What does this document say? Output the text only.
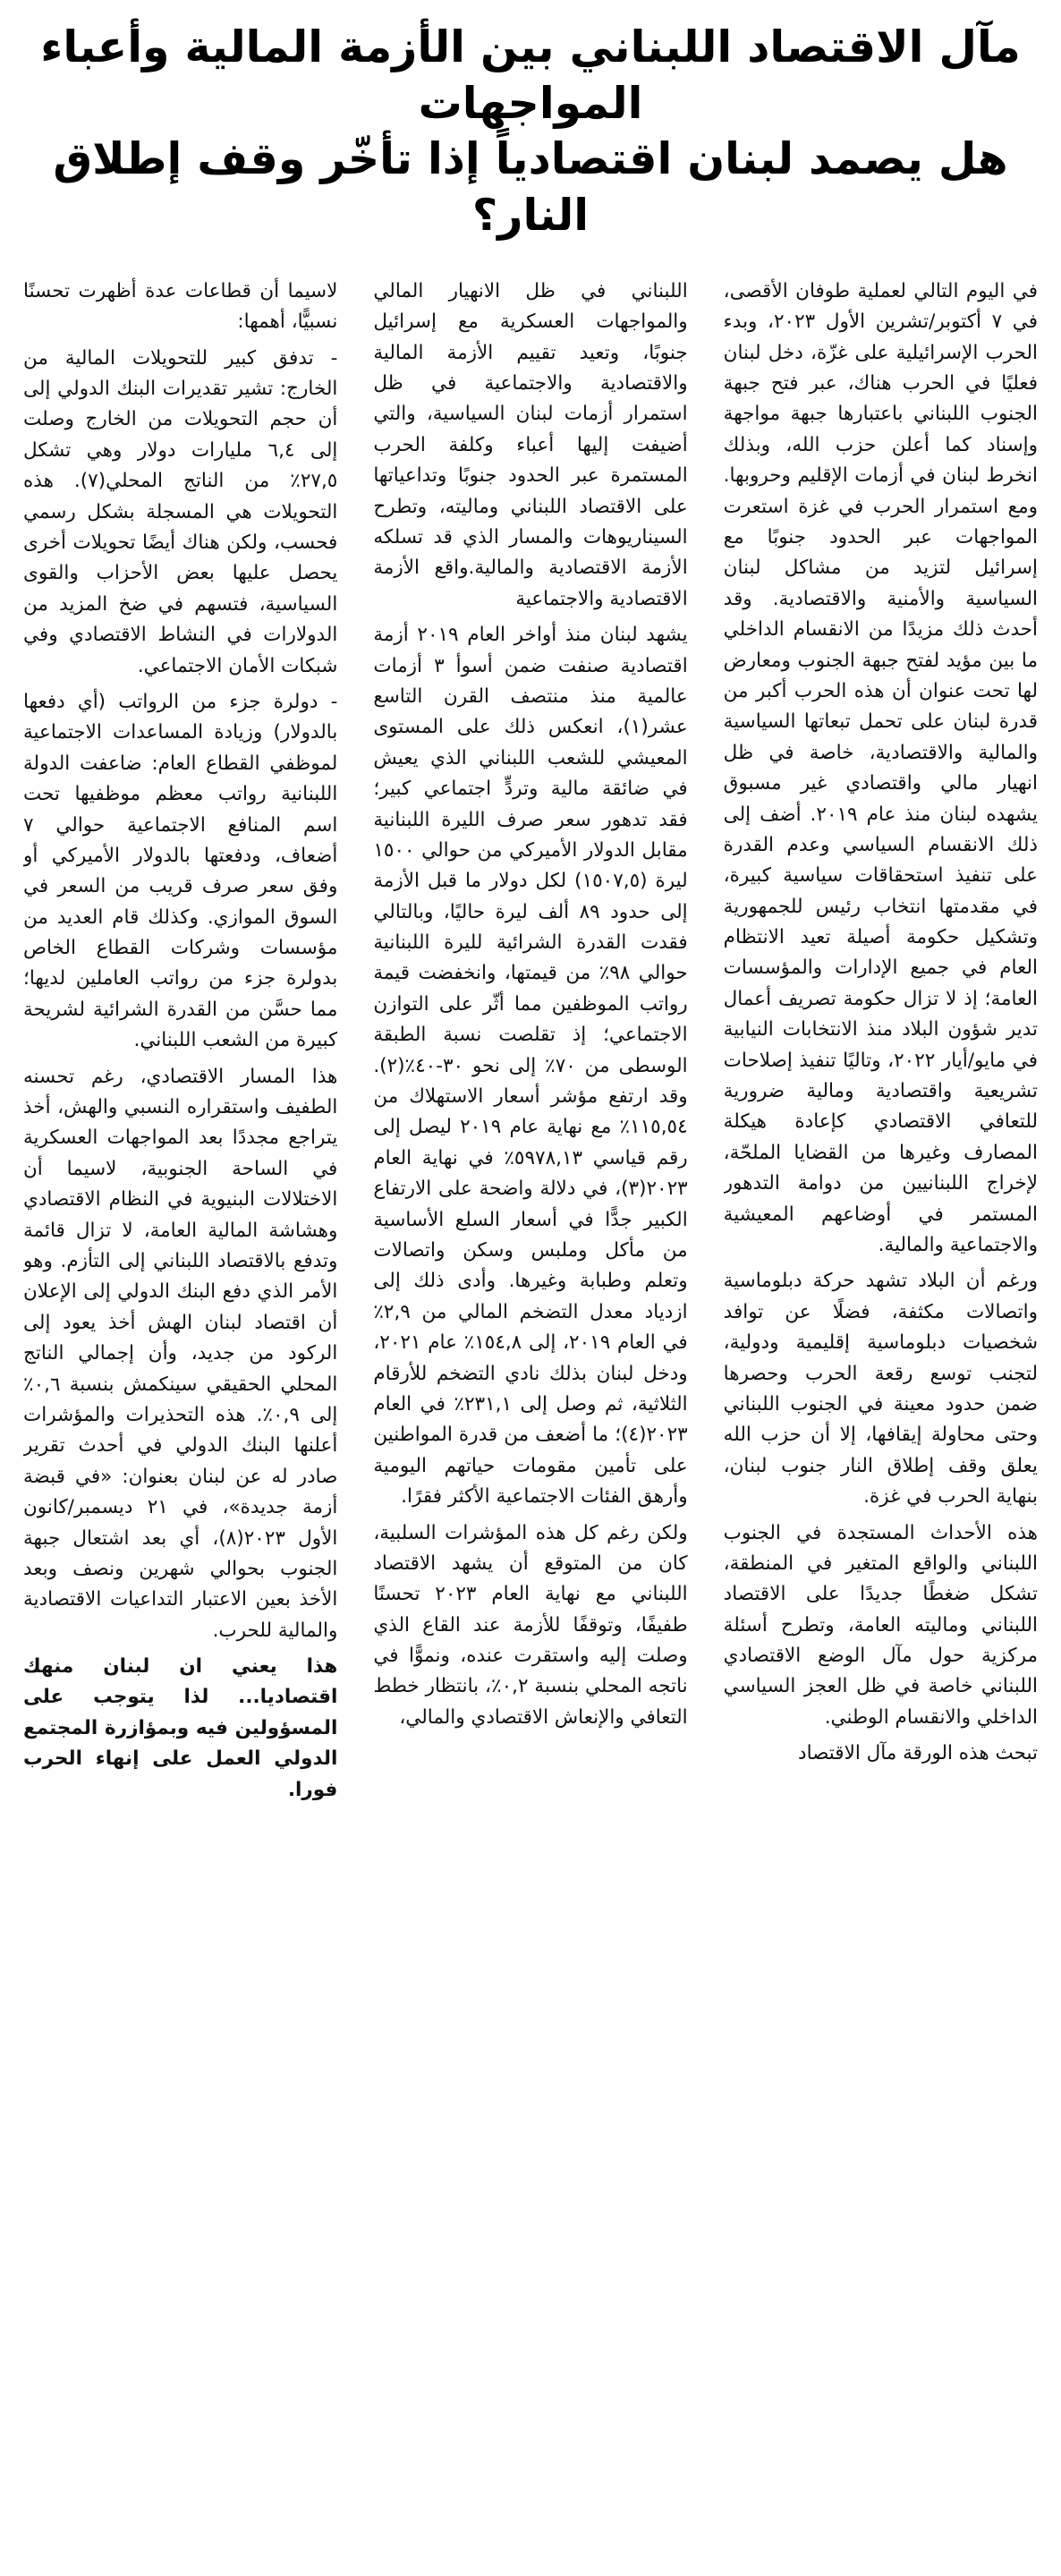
مآل الاقتصاد اللبناني بين الأزمة المالية وأعباء المواجهات
هل يصمد لبنان اقتصادياً إذا تأخّر وقف إطلاق النار؟

في اليوم التالي لعملية طوفان الأقصى، في ٧ أكتوبر/تشرين الأول ٢٠٢٣، وبدء الحرب الإسرائيلية على غزّة، دخل لبنان فعليًا في الحرب هناك، عبر فتح جبهة الجنوب اللبناني باعتبارها جبهة مواجهة وإسناد كما أعلن حزب الله، وبذلك انخرط لبنان في أزمات الإقليم وحروبها. ومع استمرار الحرب في غزة استعرت المواجهات عبر الحدود جنوبًا مع إسرائيل لتزيد من مشاكل لبنان السياسية والأمنية والاقتصادية. وقد أحدث ذلك مزيدًا من الانقسام الداخلي ما بين مؤيد لفتح جبهة الجنوب ومعارض لها تحت عنوان أن هذه الحرب أكبر من قدرة لبنان على تحمل تبعاتها السياسية والمالية والاقتصادية، خاصة في ظل انهيار مالي واقتصادي غير مسبوق يشهده لبنان منذ عام ٢٠١٩. أضف إلى ذلك الانقسام السياسي وعدم القدرة على تنفيذ استحقاقات سياسية كبيرة، في مقدمتها انتخاب رئيس للجمهورية وتشكيل حكومة أصيلة تعيد الانتظام العام في جميع الإدارات والمؤسسات العامة؛ إذ لا تزال حكومة تصريف أعمال تدير شؤون البلاد منذ الانتخابات النيابية في مايو/أيار ٢٠٢٢، وتاليًا تنفيذ إصلاحات تشريعية واقتصادية ومالية ضرورية للتعافي الاقتصادي كإعادة هيكلة المصارف وغيرها من القضايا الملحّة، لإخراج اللبنانيين من دوامة التدهور المستمر في أوضاعهم المعيشية والاجتماعية والمالية.

ورغم أن البلاد تشهد حركة دبلوماسية واتصالات مكثفة، فضلًا عن توافد شخصيات دبلوماسية إقليمية ودولية، لتجنب توسع رقعة الحرب وحصرها ضمن حدود معينة في الجنوب اللبناني وحتى محاولة إيقافها، إلا أن حزب الله يعلق وقف إطلاق النار جنوب لبنان، بنهاية الحرب في غزة.

هذه الأحداث المستجدة في الجنوب اللبناني والواقع المتغير في المنطقة، تشكل ضغطًا جديدًا على الاقتصاد اللبناني وماليته العامة، وتطرح أسئلة مركزية حول مآل الوضع الاقتصادي اللبناني خاصة في ظل العجز السياسي الداخلي والانقسام الوطني.

تبحث هذه الورقة مآل الاقتصاد

اللبناني في ظل الانهيار المالي والمواجهات العسكرية مع إسرائيل جنوبًا، وتعيد تقييم الأزمة المالية والاقتصادية والاجتماعية في ظل استمرار أزمات لبنان السياسية، والتي أضيفت إليها أعباء وكلفة الحرب المستمرة عبر الحدود جنوبًا وتداعياتها على الاقتصاد اللبناني وماليته، وتطرح السيناريوهات والمسار الذي قد تسلكه الأزمة الاقتصادية والمالية.واقع الأزمة الاقتصادية والاجتماعية

يشهد لبنان منذ أواخر العام ٢٠١٩ أزمة اقتصادية صنفت ضمن أسوأ ٣ أزمات عالمية منذ منتصف القرن التاسع عشر(١)، انعكس ذلك على المستوى المعيشي للشعب اللبناني الذي يعيش في ضائقة مالية وتردٍّ اجتماعي كبير؛ فقد تدهور سعر صرف الليرة اللبنانية مقابل الدولار الأميركي من حوالي ١٥٠٠ ليرة (١٥٠٧,٥) لكل دولار ما قبل الأزمة إلى حدود ٨٩ ألف ليرة حاليًا، وبالتالي فقدت القدرة الشرائية لليرة اللبنانية حوالي ٩٨٪ من قيمتها، وانخفضت قيمة رواتب الموظفين مما أثّر على التوازن الاجتماعي؛ إذ تقلصت نسبة الطبقة الوسطى من ٧٠٪ إلى نحو ٣٠-٤٠٪(٢). وقد ارتفع مؤشر أسعار الاستهلاك من ١١٥,٥٤٪ مع نهاية عام ٢٠١٩ ليصل إلى رقم قياسي ٥٩٧٨,١٣٪ في نهاية العام ٢٠٢٣(٣)، في دلالة واضحة على الارتفاع الكبير جدًّا في أسعار السلع الأساسية من مأكل وملبس وسكن واتصالات وتعلم وطبابة وغيرها. وأدى ذلك إلى ازدياد معدل التضخم المالي من ٢,٩٪ في العام ٢٠١٩، إلى ١٥٤,٨٪ عام ٢٠٢١، ودخل لبنان بذلك نادي التضخم للأرقام الثلاثية، ثم وصل إلى ٢٣١,١٪ في العام ٢٠٢٣(٤)؛ ما أضعف من قدرة المواطنين على تأمين مقومات حياتهم اليومية وأرهق الفئات الاجتماعية الأكثر فقرًا.

ولكن رغم كل هذه المؤشرات السلبية، كان من المتوقع أن يشهد الاقتصاد اللبناني مع نهاية العام ٢٠٢٣ تحسنًا طفيفًا، وتوقفًا للأزمة عند القاع الذي وصلت إليه واستقرت عنده، ونموًّا في ناتجه المحلي بنسبة ٠,٢٪، بانتظار خطط التعافي والإنعاش الاقتصادي والمالي،

لاسيما أن قطاعات عدة أظهرت تحسنًا نسبيًّا، أهمها:

- تدفق كبير للتحويلات المالية من الخارج: تشير تقديرات البنك الدولي إلى أن حجم التحويلات من الخارج وصلت إلى ٦,٤ مليارات دولار وهي تشكل ٢٧,٥٪ من الناتج المحلي(٧). هذه التحويلات هي المسجلة بشكل رسمي فحسب، ولكن هناك أيضًا تحويلات أخرى يحصل عليها بعض الأحزاب والقوى السياسية، فتسهم في ضخ المزيد من الدولارات في النشاط الاقتصادي وفي شبكات الأمان الاجتماعي.

- دولرة جزء من الرواتب (أي دفعها بالدولار) وزيادة المساعدات الاجتماعية لموظفي القطاع العام: ضاعفت الدولة اللبنانية رواتب معظم موظفيها تحت اسم المنافع الاجتماعية حوالي ٧ أضعاف، ودفعتها بالدولار الأميركي أو وفق سعر صرف قريب من السعر في السوق الموازي. وكذلك قام العديد من مؤسسات وشركات القطاع الخاص بدولرة جزء من رواتب العاملين لديها؛ مما حسَّن من القدرة الشرائية لشريحة كبيرة من الشعب اللبناني.

هذا المسار الاقتصادي، رغم تحسنه الطفيف واستقراره النسبي والهش، أخذ يتراجع مجددًا بعد المواجهات العسكرية في الساحة الجنوبية، لاسيما أن الاختلالات البنيوية في النظام الاقتصادي وهشاشة المالية العامة، لا تزال قائمة وتدفع بالاقتصاد اللبناني إلى التأزم. وهو الأمر الذي دفع البنك الدولي إلى الإعلان أن اقتصاد لبنان الهش أخذ يعود إلى الركود من جديد، وأن إجمالي الناتج المحلي الحقيقي سينكمش بنسبة ٠,٦٪ إلى ٠,٩٪. هذه التحذيرات والمؤشرات أعلنها البنك الدولي في أحدث تقرير صادر له عن لبنان بعنوان: «في قبضة أزمة جديدة»، في ٢١ ديسمبر/كانون الأول ٢٠٢٣(٨)، أي بعد اشتعال جبهة الجنوب بحوالي شهرين ونصف وبعد الأخذ بعين الاعتبار التداعيات الاقتصادية والمالية للحرب.

هذا يعني ان لبنان منهك اقتصاديا... لذا يتوجب على المسؤولين فيه وبمؤازرة المجتمع الدولي العمل على إنهاء الحرب فورا.
